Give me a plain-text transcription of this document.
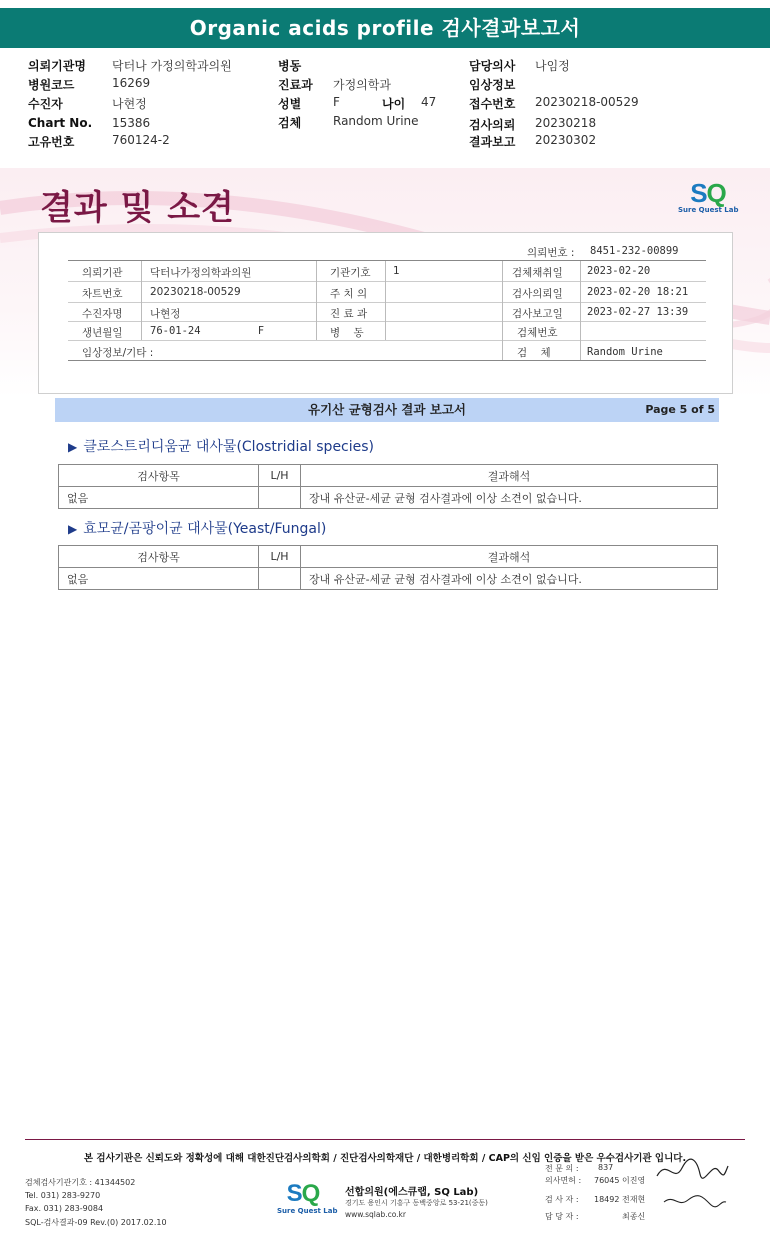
Organic acids profile 검사결과보고서
의뢰기관명 닥터나 가정의학과의원
병원코드	16269
수진자	나현정
Chart No. 15386
고유번호	760124-2
병동
진료과 가정의학과
성별	F	나이 47
검체	Random Urine
담당의사 나임정
임상정보
접수번호 20230218-00529
검사의뢰 20230218
결과보고 20230302
결과 및 소견	SQ
Sure Quest Lab
의뢰번호 : 8451-232-00899
의뢰기관	닥터나가정의학과의원	기관기호 1	검체채취일 2023-02-20
차트번호	20230218-00529	주 치 의	검사의뢰일 2023-02-20 18:21
수진자명	나현정	진 료 과	검사보고일 2023-02-27 13:39
생년월일	76-01-24	F	병    동	검체번호
임상정보/기타 :	검    체	Random Urine
유기산 균형검사 결과 보고서	Page 5 of 5
▶ 클로스트리디움균 대사물(Clostridial species)
검사항목	L/H	결과해석
없음		장내 유산균-세균 균형 검사결과에 이상 소견이 없습니다.
▶ 효모균/곰팡이균 대사물(Yeast/Fungal)
검사항목	L/H	결과해석
없음		장내 유산균-세균 균형 검사결과에 이상 소견이 없습니다.
본 검사기관은 신뢰도와 정확성에 대해 대한진단검사의학회 / 진단검사의학재단 / 대한병리학회 / CAP의 신임 인증을 받은 우수검사기관 입니다.
검체검사기관기호 : 41344502
Tel. 031) 283-9270
Fax. 031) 283-9084
SQL-검사결과-09 Rev.(0) 2017.02.10
SQ
Sure Quest Lab
선합의원(에스큐랩, SQ Lab)
경기도 용인시 기흥구 동백중앙로 53-21(중동)
www.sqlab.co.kr
전 문 의 : 837
의사면허 : 76045 이진영
검 사 자 : 18492 전재현
담 당 자 :	최종신
